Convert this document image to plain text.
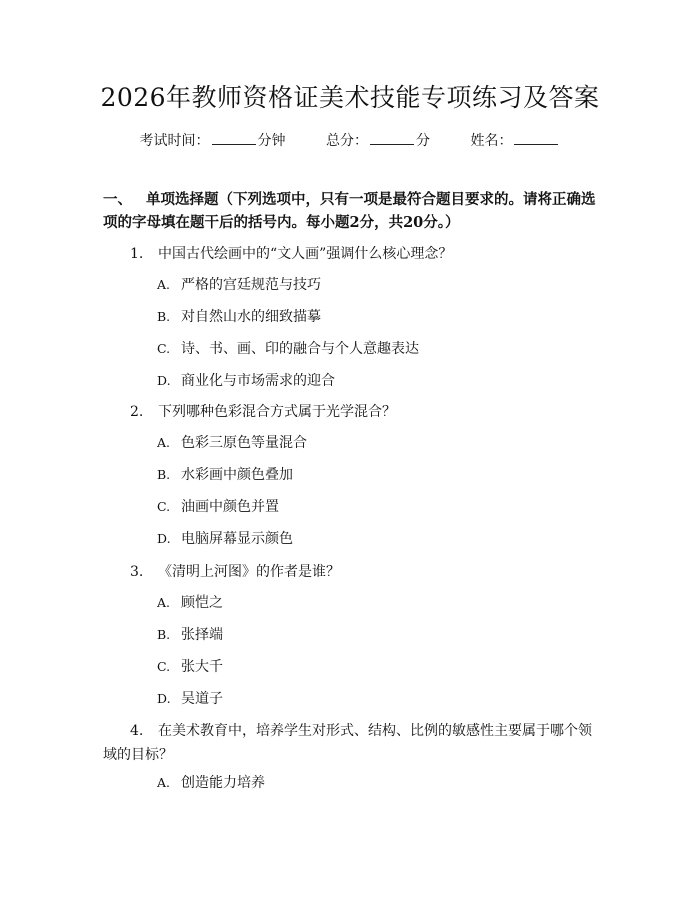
2026年教师资格证美术技能专项练习及答案
考试时间：	分钟	总分：	分	姓名：
一、 单项选择题（下列选项中，只有一项是最符合题目要求的。请将正确选项的字母填在题干后的括号内。每小题2分，共20分。）
1. 中国古代绘画中的“文人画”强调什么核心理念？
A. 严格的宫廷规范与技巧
B. 对自然山水的细致描摹
C. 诗、书、画、印的融合与个人意趣表达
D. 商业化与市场需求的迎合
2. 下列哪种色彩混合方式属于光学混合？
A. 色彩三原色等量混合
B. 水彩画中颜色叠加
C. 油画中颜色并置
D. 电脑屏幕显示颜色
3. 《清明上河图》的作者是谁？
A. 顾恺之
B. 张择端
C. 张大千
D. 吴道子
4. 在美术教育中，培养学生对形式、结构、比例的敏感性主要属于哪个领域的目标？
A. 创造能力培养
